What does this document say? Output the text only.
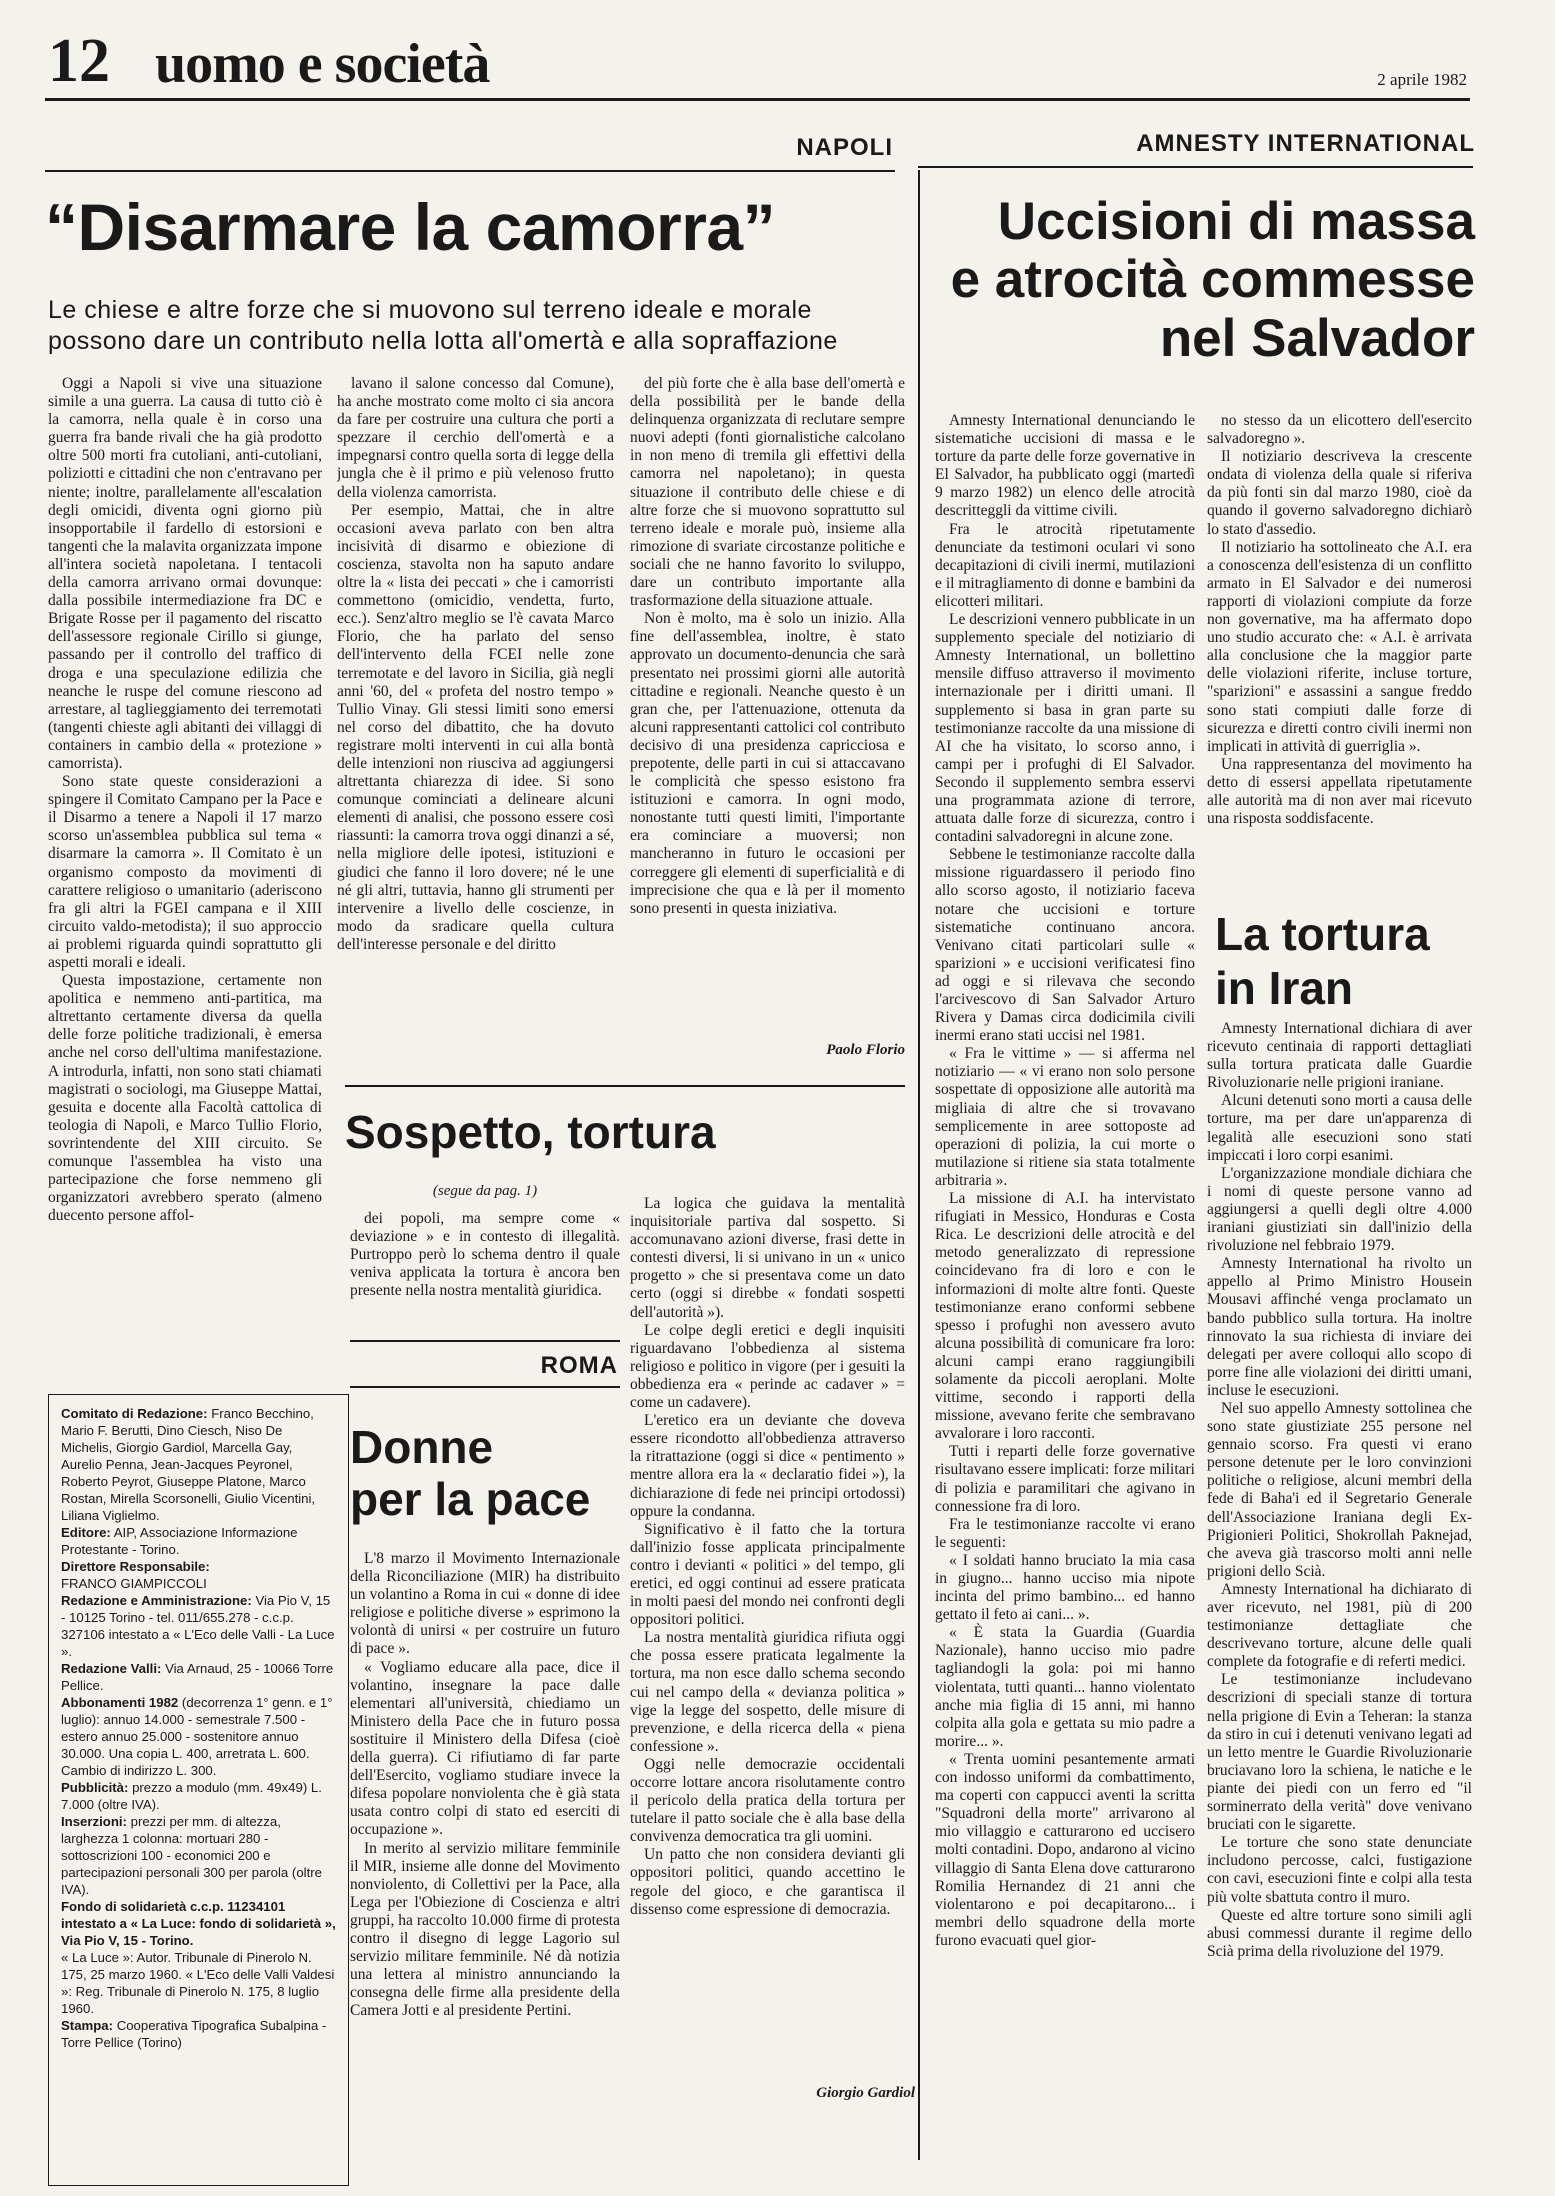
12 uomo e società	2 aprile 1982
NAPOLI
“Disarmare la camorra”
Le chiese e altre forze che si muovono sul terreno ideale e morale possono dare un contributo nella lotta all'omertà e alla sopraffazione

Oggi a Napoli si vive una situazione simile a una guerra. La causa di tutto ciò è la camorra, nella quale è in corso una guerra fra bande rivali che ha già prodotto oltre 500 morti fra cutoliani, anti-cutoliani, poliziotti e cittadini che non c'entravano per niente; inoltre, parallelamente all'escalation degli omicidi, diventa ogni giorno più insopportabile il fardello di estorsioni e tangenti che la malavita organizzata impone all'intera società napoletana. I tentacoli della camorra arrivano ormai dovunque: dalla possibile intermediazione fra DC e Brigate Rosse per il pagamento del riscatto dell'assessore regionale Cirillo si giunge, passando per il controllo del traffico di droga e una speculazione edilizia che neanche le ruspe del comune riescono ad arrestare, al taglieggiamento dei terremotati (tangenti chieste agli abitanti dei villaggi di containers in cambio della « protezione » camorrista).

Sono state queste considerazioni a spingere il Comitato Campano per la Pace e il Disarmo a tenere a Napoli il 17 marzo scorso un'assemblea pubblica sul tema « disarmare la camorra ». Il Comitato è un organismo composto da movimenti di carattere religioso o umanitario (aderiscono fra gli altri la FGEI campana e il XIII circuito valdo-metodista); il suo approccio ai problemi riguarda quindi soprattutto gli aspetti morali e ideali.

Questa impostazione, certamente non apolitica e nemmeno anti-partitica, ma altrettanto certamente diversa da quella delle forze politiche tradizionali, è emersa anche nel corso dell'ultima manifestazione. A introdurla, infatti, non sono stati chiamati magistrati o sociologi, ma Giuseppe Mattai, gesuita e docente alla Facoltà cattolica di teologia di Napoli, e Marco Tullio Florio, sovrintendente del XIII circuito. Se comunque l'assemblea ha visto una partecipazione che forse nemmeno gli organizzatori avrebbero sperato (almeno duecento persone affol-

lavano il salone concesso dal Comune), ha anche mostrato come molto ci sia ancora da fare per costruire una cultura che porti a spezzare il cerchio dell'omertà e a impegnarsi contro quella sorta di legge della jungla che è il primo e più velenoso frutto della violenza camorrista.

Per esempio, Mattai, che in altre occasioni aveva parlato con ben altra incisività di disarmo e obiezione di coscienza, stavolta non ha saputo andare oltre la « lista dei peccati » che i camorristi commettono (omicidio, vendetta, furto, ecc.). Senz'altro meglio se l'è cavata Marco Florio, che ha parlato del senso dell'intervento della FCEI nelle zone terremotate e del lavoro in Sicilia, già negli anni '60, del « profeta del nostro tempo » Tullio Vinay. Gli stessi limiti sono emersi nel corso del dibattito, che ha dovuto registrare molti interventi in cui alla bontà delle intenzioni non riusciva ad aggiungersi altrettanta chiarezza di idee. Si sono comunque cominciati a delineare alcuni elementi di analisi, che possono essere così riassunti: la camorra trova oggi dinanzi a sé, nella migliore delle ipotesi, istituzioni e giudici che fanno il loro dovere; né le une né gli altri, tuttavia, hanno gli strumenti per intervenire a livello delle coscienze, in modo da sradicare quella cultura dell'interesse personale e del diritto

del più forte che è alla base dell'omertà e della possibilità per le bande della delinquenza organizzata di reclutare sempre nuovi adepti (fonti giornalistiche calcolano in non meno di tremila gli effettivi della camorra nel napoletano); in questa situazione il contributo delle chiese e di altre forze che si muovono soprattutto sul terreno ideale e morale può, insieme alla rimozione di svariate circostanze politiche e sociali che ne hanno favorito lo sviluppo, dare un contributo importante alla trasformazione della situazione attuale.

Non è molto, ma è solo un inizio. Alla fine dell'assemblea, inoltre, è stato approvato un documento-denuncia che sarà presentato nei prossimi giorni alle autorità cittadine e regionali. Neanche questo è un gran che, per l'attenuazione, ottenuta da alcuni rappresentanti cattolici col contributo decisivo di una presidenza capricciosa e prepotente, delle parti in cui si attaccavano le complicità che spesso esistono fra istituzioni e camorra. In ogni modo, nonostante tutti questi limiti, l'importante era cominciare a muoversi; non mancheranno in futuro le occasioni per correggere gli elementi di superficialità e di imprecisione che qua e là per il momento sono presenti in questa iniziativa.

Paolo Florio
Sospetto, tortura
(segue da pag. 1)

dei popoli, ma sempre come « deviazione » e in contesto di illegalità. Purtroppo però lo schema dentro il quale veniva applicata la tortura è ancora ben presente nella nostra mentalità giuridica.

La logica che guidava la mentalità inquisitoriale partiva dal sospetto. Si accomunavano azioni diverse, frasi dette in contesti diversi, li si univano in un « unico progetto » che si presentava come un dato certo (oggi si direbbe « fondati sospetti dell'autorità »).

Le colpe degli eretici e degli inquisiti riguardavano l'obbedienza al sistema religioso e politico in vigore (per i gesuiti la obbedienza era « perinde ac cadaver » = come un cadavere).

L'eretico era un deviante che doveva essere ricondotto all'obbedienza attraverso la ritrattazione (oggi si dice « pentimento » mentre allora era la « declaratio fidei »), la dichiarazione di fede nei principi ortodossi) oppure la condanna.

Significativo è il fatto che la tortura dall'inizio fosse applicata principalmente contro i devianti « politici » del tempo, gli eretici, ed oggi continui ad essere praticata in molti paesi del mondo nei confronti degli oppositori politici.

La nostra mentalità giuridica rifiuta oggi che possa essere praticata legalmente la tortura, ma non esce dallo schema secondo cui nel campo della « devianza politica » vige la legge del sospetto, delle misure di prevenzione, e della ricerca della « piena confessione ».

Oggi nelle democrazie occidentali occorre lottare ancora risolutamente contro il pericolo della pratica della tortura per tutelare il patto sociale che è alla base della convivenza democratica tra gli uomini.

Un patto che non considera devianti gli oppositori politici, quando accettino le regole del gioco, e che garantisca il dissenso come espressione di democrazia.

Giorgio Gardiol
ROMA
Donne
per la pace

L'8 marzo il Movimento Internazionale della Riconciliazione (MIR) ha distribuito un volantino a Roma in cui « donne di idee religiose e politiche diverse » esprimono la volontà di unirsi « per costruire un futuro di pace ».

« Vogliamo educare alla pace, dice il volantino, insegnare la pace dalle elementari all'università, chiediamo un Ministero della Pace che in futuro possa sostituire il Ministero della Difesa (cioè della guerra). Ci rifiutiamo di far parte dell'Esercito, vogliamo studiare invece la difesa popolare nonviolenta che è già stata usata contro colpi di stato ed eserciti di occupazione ».

In merito al servizio militare femminile il MIR, insieme alle donne del Movimento nonviolento, di Collettivi per la Pace, alla Lega per l'Obiezione di Coscienza e altri gruppi, ha raccolto 10.000 firme di protesta contro il disegno di legge Lagorio sul servizio militare femminile. Né dà notizia una lettera al ministro annunciando la consegna delle firme alla presidente della Camera Jotti e al presidente Pertini.

Comitato di Redazione: Franco Becchino, Mario F. Berutti, Dino Ciesch, Niso De Michelis, Giorgio Gardiol, Marcella Gay, Aurelio Penna, Jean-Jacques Peyronel, Roberto Peyrot, Giuseppe Platone, Marco Rostan, Mirella Scorsonelli, Giulio Vicentini, Liliana Viglielmo.

Editore: AIP, Associazione Informazione Protestante - Torino.

Direttore Responsabile:
FRANCO GIAMPICCOLI

Redazione e Amministrazione: Via Pio V, 15 - 10125 Torino - tel. 011/655.278 - c.c.p. 327106 intestato a « L'Eco delle Valli - La Luce ».

Redazione Valli: Via Arnaud, 25 - 10066 Torre Pellice.

Abbonamenti 1982 (decorrenza 1° genn. e 1° luglio): annuo 14.000 - semestrale 7.500 - estero annuo 25.000 - sostenitore annuo 30.000. Una copia L. 400, arretrata L. 600. Cambio di indirizzo L. 300.

Pubblicità: prezzo a modulo (mm. 49x49) L. 7.000 (oltre IVA).

Inserzioni: prezzi per mm. di altezza, larghezza 1 colonna: mortuari 280 - sottoscrizioni 100 - economici 200 e partecipazioni personali 300 per parola (oltre IVA).

Fondo di solidarietà c.c.p. 11234101 intestato a « La Luce: fondo di solidarietà », Via Pio V, 15 - Torino.

« La Luce »: Autor. Tribunale di Pinerolo N. 175, 25 marzo 1960. « L'Eco delle Valli Valdesi »: Reg. Tribunale di Pinerolo N. 175, 8 luglio 1960.

Stampa: Cooperativa Tipografica Subalpina - Torre Pellice (Torino)

AMNESTY INTERNATIONAL
Uccisioni di massa
e atrocità commesse
nel Salvador

Amnesty International denunciando le sistematiche uccisioni di massa e le torture da parte delle forze governative in El Salvador, ha pubblicato oggi (martedì 9 marzo 1982) un elenco delle atrocità descritteggli da vittime civili.

Fra le atrocità ripetutamente denunciate da testimoni oculari vi sono decapitazioni di civili inermi, mutilazioni e il mitragliamento di donne e bambini da elicotteri militari.

Le descrizioni vennero pubblicate in un supplemento speciale del notiziario di Amnesty International, un bollettino mensile diffuso attraverso il movimento internazionale per i diritti umani. Il supplemento si basa in gran parte su testimonianze raccolte da una missione di AI che ha visitato, lo scorso anno, i campi per i profughi di El Salvador. Secondo il supplemento sembra esservi una programmata azione di terrore, attuata dalle forze di sicurezza, contro i contadini salvadoregni in alcune zone.

Sebbene le testimonianze raccolte dalla missione riguardassero il periodo fino allo scorso agosto, il notiziario faceva notare che uccisioni e torture sistematiche continuano ancora. Venivano citati particolari sulle « sparizioni » e uccisioni verificatesi fino ad oggi e si rilevava che secondo l'arcivescovo di San Salvador Arturo Rivera y Damas circa dodicimila civili inermi erano stati uccisi nel 1981.

« Fra le vittime » — si afferma nel notiziario — « vi erano non solo persone sospettate di opposizione alle autorità ma migliaia di altre che si trovavano semplicemente in aree sottoposte ad operazioni di polizia, la cui morte o mutilazione si ritiene sia stata totalmente arbitraria ».

La missione di A.I. ha intervistato rifugiati in Messico, Honduras e Costa Rica. Le descrizioni delle atrocità e del metodo generalizzato di repressione coincidevano fra di loro e con le informazioni di molte altre fonti. Queste testimonianze erano conformi sebbene spesso i profughi non avessero avuto alcuna possibilità di comunicare fra loro: alcuni campi erano raggiungibili solamente da piccoli aeroplani. Molte vittime, secondo i rapporti della missione, avevano ferite che sembravano avvalorare i loro racconti.

Tutti i reparti delle forze governative risultavano essere implicati: forze militari di polizia e paramilitari che agivano in connessione fra di loro.

Fra le testimonianze raccolte vi erano le seguenti:

« I soldati hanno bruciato la mia casa in giugno... hanno ucciso mia nipote incinta del primo bambino... ed hanno gettato il feto ai cani... ».

« È stata la Guardia (Guardia Nazionale), hanno ucciso mio padre tagliandogli la gola: poi mi hanno violentata, tutti quanti... hanno violentato anche mia figlia di 15 anni, mi hanno colpita alla gola e gettata su mio padre a morire... ».

« Trenta uomini pesantemente armati con indosso uniformi da combattimento, ma coperti con cappucci aventi la scritta "Squadroni della morte" arrivarono al mio villaggio e catturarono ed uccisero molti contadini. Dopo, andarono al vicino villaggio di Santa Elena dove catturarono Romilia Hernandez di 21 anni che violentarono e poi decapitarono... i membri dello squadrone della morte furono evacuati quel gior-

no stesso da un elicottero dell'esercito salvadoregno ».

Il notiziario descriveva la crescente ondata di violenza della quale si riferiva da più fonti sin dal marzo 1980, cioè da quando il governo salvadoregno dichiarò lo stato d'assedio.

Il notiziario ha sottolineato che A.I. era a conoscenza dell'esistenza di un conflitto armato in El Salvador e dei numerosi rapporti di violazioni compiute da forze non governative, ma ha affermato dopo uno studio accurato che: « A.I. è arrivata alla conclusione che la maggior parte delle violazioni riferite, incluse torture, "sparizioni" e assassini a sangue freddo sono stati compiuti dalle forze di sicurezza e diretti contro civili inermi non implicati in attività di guerriglia ».

Una rappresentanza del movimento ha detto di essersi appellata ripetutamente alle autorità ma di non aver mai ricevuto una risposta soddisfacente.

La tortura
in Iran

Amnesty International dichiara di aver ricevuto centinaia di rapporti dettagliati sulla tortura praticata dalle Guardie Rivoluzionarie nelle prigioni iraniane.

Alcuni detenuti sono morti a causa delle torture, ma per dare un'apparenza di legalità alle esecuzioni sono stati impiccati i loro corpi esanimi.

L'organizzazione mondiale dichiara che i nomi di queste persone vanno ad aggiungersi a quelli degli oltre 4.000 iraniani giustiziati sin dall'inizio della rivoluzione nel febbraio 1979.

Amnesty International ha rivolto un appello al Primo Ministro Housein Mousavi affinché venga proclamato un bando pubblico sulla tortura. Ha inoltre rinnovato la sua richiesta di inviare dei delegati per avere colloqui allo scopo di porre fine alle violazioni dei diritti umani, incluse le esecuzioni.

Nel suo appello Amnesty sottolinea che sono state giustiziate 255 persone nel gennaio scorso. Fra questi vi erano persone detenute per le loro convinzioni politiche o religiose, alcuni membri della fede di Baha'i ed il Segretario Generale dell'Associazione Iraniana degli Ex-Prigionieri Politici, Shokrollah Paknejad, che aveva già trascorso molti anni nelle prigioni dello Scià.

Amnesty International ha dichiarato di aver ricevuto, nel 1981, più di 200 testimonianze dettagliate che descrivevano torture, alcune delle quali complete da fotografie e di referti medici.

Le testimonianze includevano descrizioni di speciali stanze di tortura nella prigione di Evin a Teheran: la stanza da stiro in cui i detenuti venivano legati ad un letto mentre le Guardie Rivoluzionarie bruciavano loro la schiena, le natiche e le piante dei piedi con un ferro ed "il sorminerrato della verità" dove venivano bruciati con le sigarette.

Le torture che sono state denunciate includono percosse, calci, fustigazione con cavi, esecuzioni finte e colpi alla testa più volte sbattuta contro il muro.

Queste ed altre torture sono simili agli abusi commessi durante il regime dello Scià prima della rivoluzione del 1979.
